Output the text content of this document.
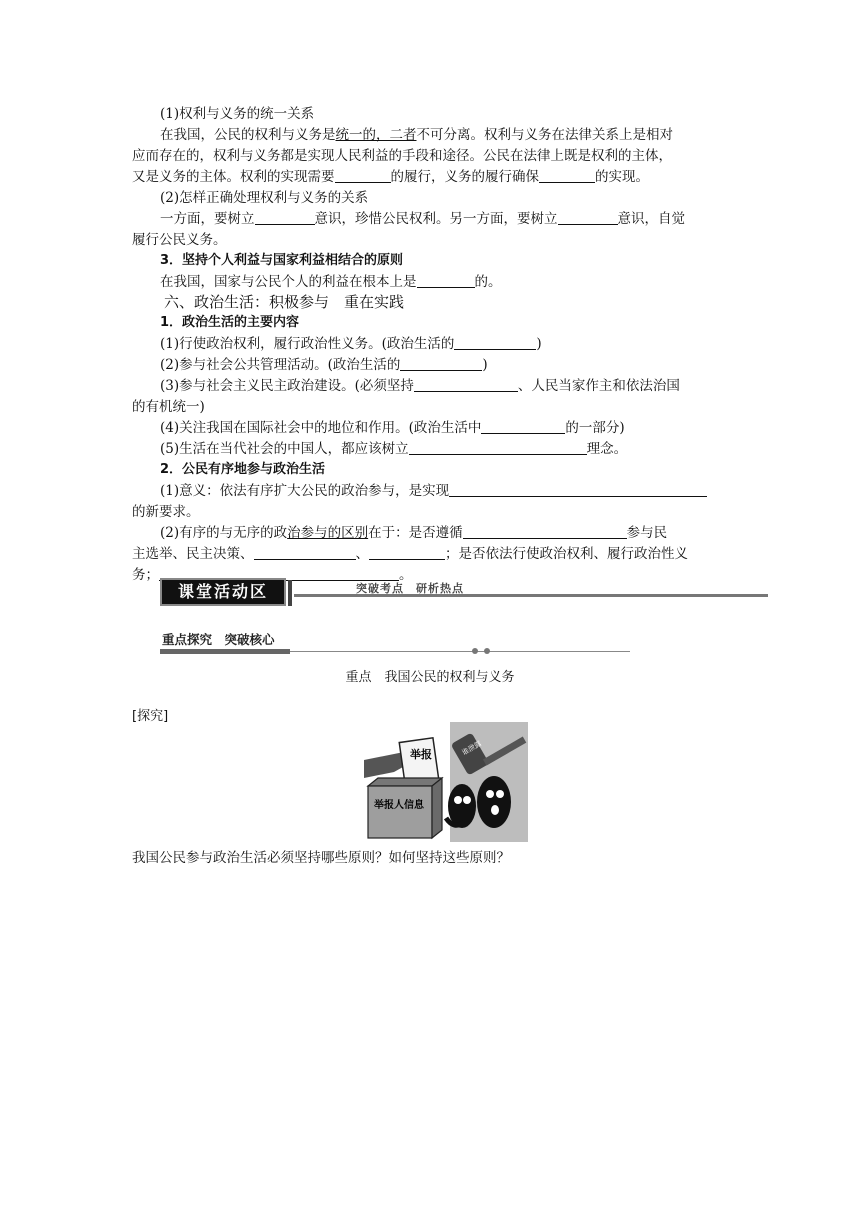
(1)权利与义务的统一关系
在我国，公民的权利与义务是统一的，二者不可分离。权利与义务在法律关系上是相对
应而存在的，权利与义务都是实现人民利益的手段和途径。公民在法律上既是权利的主体，
又是义务的主体。权利的实现需要	的履行，义务的履行确保	的实现。
(2)怎样正确处理权利与义务的关系
一方面，要树立	意识，珍惜公民权利。另一方面，要树立	意识，自觉
履行公民义务。
3．坚持个人利益与国家利益相结合的原则
在我国，国家与公民个人的利益在根本上是	的。
六、政治生活：积极参与　重在实践
1．政治生活的主要内容
(1)行使政治权利，履行政治性义务。(政治生活的	)
(2)参与社会公共管理活动。(政治生活的	)
(3)参与社会主义民主政治建设。(必须坚持	、人民当家作主和依法治国
的有机统一)
(4)关注我国在国际社会中的地位和作用。(政治生活中	的一部分)
(5)生活在当代社会的中国人，都应该树立	理念。
2．公民有序地参与政治生活
(1)意义：依法有序扩大公民的政治参与，是实现
的新要求。
(2)有序的与无序的政治参与的区别在于：是否遵循	参与民
主选举、民主决策、	、	；是否依法行使政治权利、履行政治性义
务；	。
课堂活动区	突破考点　研析热点
重点探究　突破核心
重点　我国公民的权利与义务
[探究]
举报
举报人信息
谁泄露
我国公民参与政治生活必须坚持哪些原则？如何坚持这些原则？
